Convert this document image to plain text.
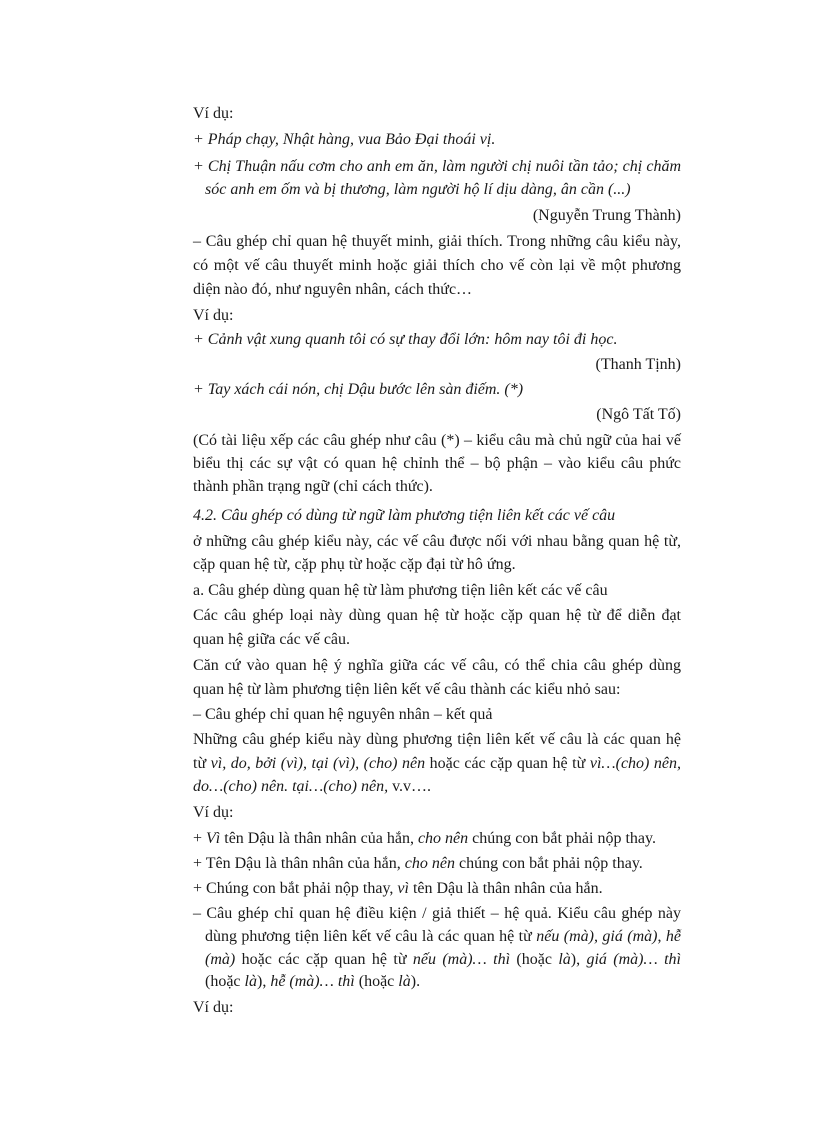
Ví dụ:
+ Pháp chạy, Nhật hàng, vua Bảo Đại thoái vị.
+ Chị Thuận nấu cơm cho anh em ăn, làm người chị nuôi tần tảo; chị chăm
sóc anh em ốm và bị thương, làm người hộ lí dịu dàng, ân cần (...)
(Nguyễn Trung Thành)
– Câu ghép chỉ quan hệ thuyết minh, giải thích. Trong những câu kiểu này,
có một vế câu thuyết minh hoặc giải thích cho vế còn lại về một phương
diện nào đó, như nguyên nhân, cách thức…
Ví dụ:
+ Cảnh vật xung quanh tôi có sự thay đổi lớn: hôm nay tôi đi học.
(Thanh Tịnh)
+ Tay xách cái nón, chị Dậu bước lên sàn điếm. (*)
(Ngô Tất Tố)
(Có tài liệu xếp các câu ghép như câu (*) – kiểu câu mà chủ ngữ của hai vế
biểu thị các sự vật có quan hệ chỉnh thể – bộ phận – vào kiểu câu phức
thành phần trạng ngữ (chỉ cách thức).
4.2. Câu ghép có dùng từ ngữ làm phương tiện liên kết các vế câu
ở những câu ghép kiểu này, các vế câu được nối với nhau bằng quan hệ từ,
cặp quan hệ từ, cặp phụ từ hoặc cặp đại từ hô ứng.
a. Câu ghép dùng quan hệ từ làm phương tiện liên kết các vế câu
Các câu ghép loại này dùng quan hệ từ hoặc cặp quan hệ từ để diễn đạt
quan hệ giữa các vế câu.
Căn cứ vào quan hệ ý nghĩa giữa các vế câu, có thể chia câu ghép dùng
quan hệ từ làm phương tiện liên kết vế câu thành các kiểu nhỏ sau:
– Câu ghép chỉ quan hệ nguyên nhân – kết quả
Những câu ghép kiểu này dùng phương tiện liên kết vế câu là các quan hệ
từ vì, do, bởi (vì), tại (vì), (cho) nên hoặc các cặp quan hệ từ vì…(cho) nên,
do…(cho) nên. tại…(cho) nên, v.v….
Ví dụ:
+ Vì tên Dậu là thân nhân của hắn, cho nên chúng con bắt phải nộp thay.
+ Tên Dậu là thân nhân của hắn, cho nên chúng con bắt phải nộp thay.
+ Chúng con bắt phải nộp thay, vì tên Dậu là thân nhân của hắn.
– Câu ghép chỉ quan hệ điều kiện / giả thiết – hệ quả. Kiểu câu ghép này
dùng phương tiện liên kết vế câu là các quan hệ từ nếu (mà), giá (mà), hễ
(mà) hoặc các cặp quan hệ từ nếu (mà)… thì (hoặc là), giá (mà)… thì
(hoặc là), hễ (mà)… thì (hoặc là).
Ví dụ:
